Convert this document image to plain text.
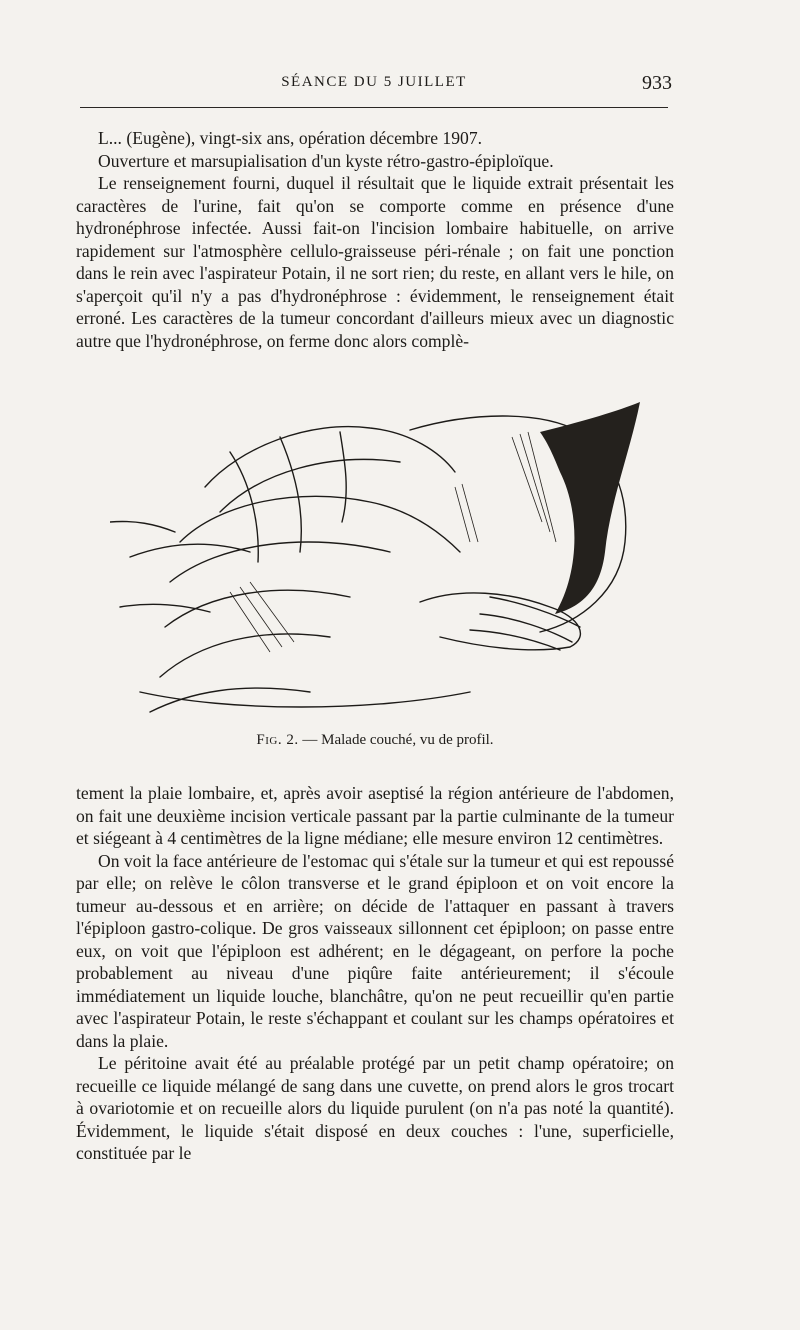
SÉANCE DU 5 JUILLET	933

L... (Eugène), vingt-six ans, opération décembre 1907.

Ouverture et marsupialisation d'un kyste rétro-gastro-épiploïque.

Le renseignement fourni, duquel il résultait que le liquide extrait présentait les caractères de l'urine, fait qu'on se comporte comme en présence d'une hydronéphrose infectée. Aussi fait-on l'incision lombaire habituelle, on arrive rapidement sur l'atmosphère cellulo-graisseuse péri-rénale ; on fait une ponction dans le rein avec l'aspirateur Potain, il ne sort rien; du reste, en allant vers le hile, on s'aperçoit qu'il n'y a pas d'hydronéphrose : évidemment, le renseignement était erroné. Les caractères de la tumeur concordant d'ailleurs mieux avec un diagnostic autre que l'hydronéphrose, on ferme donc alors complè-

Fig. 2. — Malade couché, vu de profil.

tement la plaie lombaire, et, après avoir aseptisé la région antérieure de l'abdomen, on fait une deuxième incision verticale passant par la partie culminante de la tumeur et siégeant à 4 centimètres de la ligne médiane; elle mesure environ 12 centimètres.

On voit la face antérieure de l'estomac qui s'étale sur la tumeur et qui est repoussé par elle; on relève le côlon transverse et le grand épiploon et on voit encore la tumeur au-dessous et en arrière; on décide de l'attaquer en passant à travers l'épiploon gastro-colique. De gros vaisseaux sillonnent cet épiploon; on passe entre eux, on voit que l'épiploon est adhérent; en le dégageant, on perfore la poche probablement au niveau d'une piqûre faite antérieurement; il s'écoule immédiatement un liquide louche, blanchâtre, qu'on ne peut recueillir qu'en partie avec l'aspirateur Potain, le reste s'échappant et coulant sur les champs opératoires et dans la plaie.

Le péritoine avait été au préalable protégé par un petit champ opératoire; on recueille ce liquide mélangé de sang dans une cuvette, on prend alors le gros trocart à ovariotomie et on recueille alors du liquide purulent (on n'a pas noté la quantité). Évidemment, le liquide s'était disposé en deux couches : l'une, superficielle, constituée par le
